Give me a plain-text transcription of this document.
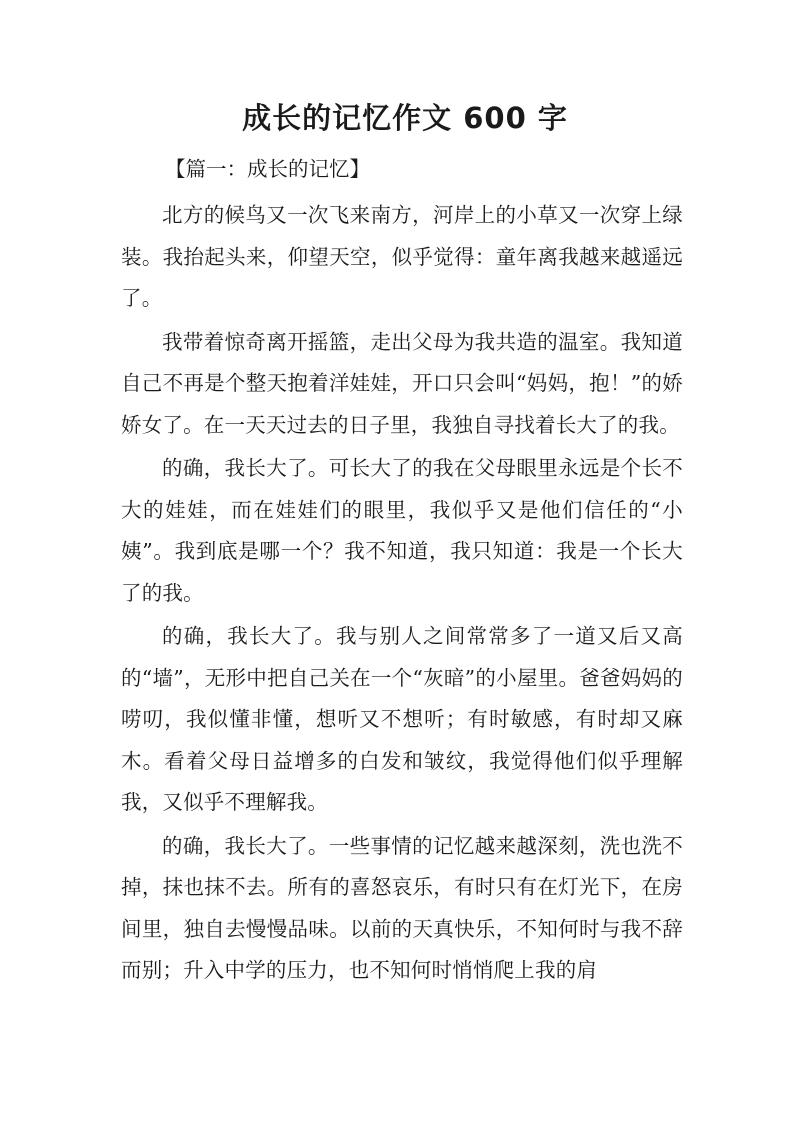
成长的记忆作文 600 字
【篇一：成长的记忆】

北方的候鸟又一次飞来南方，河岸上的小草又一次穿上绿装。我抬起头来，仰望天空，似乎觉得：童年离我越来越遥远了。

我带着惊奇离开摇篮，走出父母为我共造的温室。我知道自己不再是个整天抱着洋娃娃，开口只会叫“妈妈，抱！”的娇娇女了。在一天天过去的日子里，我独自寻找着长大了的我。

的确，我长大了。可长大了的我在父母眼里永远是个长不大的娃娃，而在娃娃们的眼里，我似乎又是他们信任的“小姨”。我到底是哪一个？我不知道，我只知道：我是一个长大了的我。

的确，我长大了。我与别人之间常常多了一道又后又高的“墙”，无形中把自己关在一个“灰暗”的小屋里。爸爸妈妈的唠叨，我似懂非懂，想听又不想听；有时敏感，有时却又麻木。看着父母日益增多的白发和皱纹，我觉得他们似乎理解我，又似乎不理解我。

的确，我长大了。一些事情的记忆越来越深刻，洗也洗不掉，抹也抹不去。所有的喜怒哀乐，有时只有在灯光下，在房间里，独自去慢慢品味。以前的天真快乐，不知何时与我不辞而别；升入中学的压力，也不知何时悄悄爬上我的肩
